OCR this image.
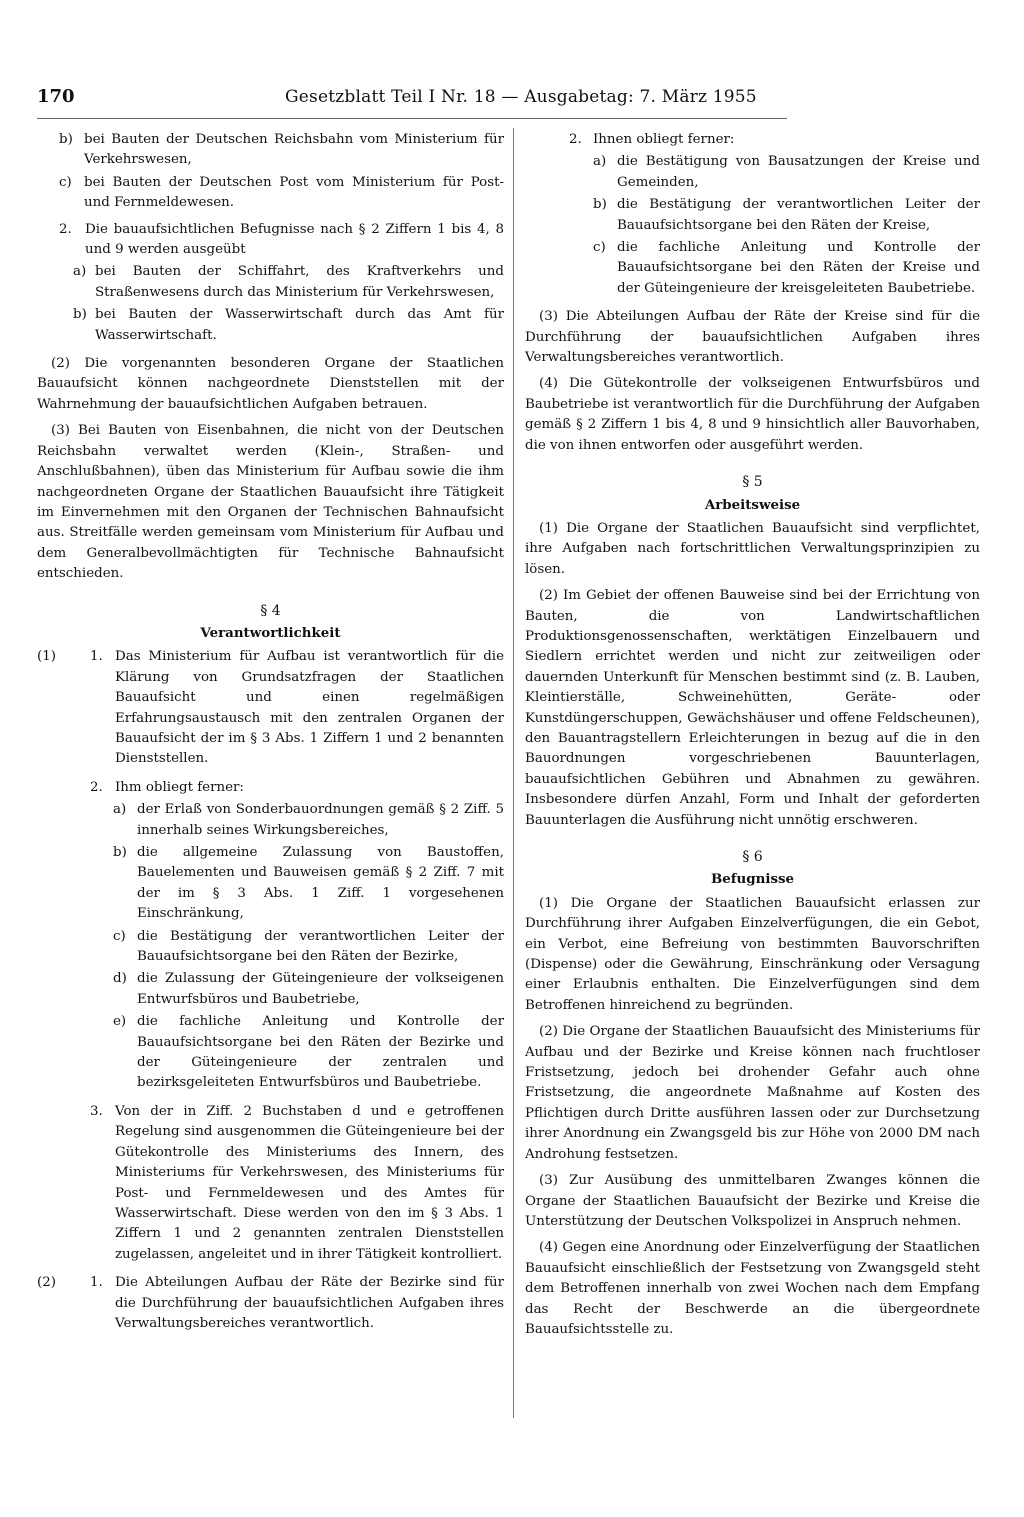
170	Gesetzblatt Teil I Nr. 18 — Ausgabetag: 7. März 1955
b) bei Bauten der Deutschen Reichsbahn vom Ministerium für Verkehrswesen,

c) bei Bauten der Deutschen Post vom Ministerium für Post- und Fernmeldewesen.

2. Die bauaufsichtlichen Befugnisse nach § 2 Ziffern 1 bis 4, 8 und 9 werden ausgeübt

a) bei Bauten der Schiffahrt, des Kraftverkehrs und Straßenwesens durch das Ministerium für Verkehrswesen,

b) bei Bauten der Wasserwirtschaft durch das Amt für Wasserwirtschaft.

(2) Die vorgenannten besonderen Organe der Staatlichen Bauaufsicht können nachgeordnete Dienststellen mit der Wahrnehmung der bauaufsichtlichen Aufgaben betrauen.

(3) Bei Bauten von Eisenbahnen, die nicht von der Deutschen Reichsbahn verwaltet werden (Klein-, Straßen- und Anschlußbahnen), üben das Ministerium für Aufbau sowie die ihm nachgeordneten Organe der Staatlichen Bauaufsicht ihre Tätigkeit im Einvernehmen mit den Organen der Technischen Bahnaufsicht aus. Streitfälle werden gemeinsam vom Ministerium für Aufbau und dem Generalbevollmächtigten für Technische Bahnaufsicht entschieden.

§ 4
Verantwortlichkeit
(1)	1. Das Ministerium für Aufbau ist verantwortlich für die Klärung von Grundsatzfragen der Staatlichen Bauaufsicht und einen regelmäßigen Erfahrungsaustausch mit den zentralen Organen der Bauaufsicht der im § 3 Abs. 1 Ziffern 1 und 2 benannten Dienststellen.

2. Ihm obliegt ferner:

a) der Erlaß von Sonderbauordnungen gemäß § 2 Ziff. 5 innerhalb seines Wirkungsbereiches,

b) die allgemeine Zulassung von Baustoffen, Bauelementen und Bauweisen gemäß § 2 Ziff. 7 mit der im § 3 Abs. 1 Ziff. 1 vorgesehenen Einschränkung,

c) die Bestätigung der verantwortlichen Leiter der Bauaufsichtsorgane bei den Räten der Bezirke,

d) die Zulassung der Güteingenieure der volkseigenen Entwurfsbüros und Baubetriebe,

e) die fachliche Anleitung und Kontrolle der Bauaufsichtsorgane bei den Räten der Bezirke und der Güteingenieure der zentralen und bezirksgeleiteten Entwurfsbüros und Baubetriebe.

3. Von der in Ziff. 2 Buchstaben d und e getroffenen Regelung sind ausgenommen die Güteingenieure bei der Gütekontrolle des Ministeriums des Innern, des Ministeriums für Verkehrswesen, des Ministeriums für Post- und Fernmeldewesen und des Amtes für Wasserwirtschaft. Diese werden von den im § 3 Abs. 1 Ziffern 1 und 2 genannten zentralen Dienststellen zugelassen, angeleitet und in ihrer Tätigkeit kontrolliert.

(2)	1. Die Abteilungen Aufbau der Räte der Bezirke sind für die Durchführung der bauaufsichtlichen Aufgaben ihres Verwaltungsbereiches verantwortlich.

2. Ihnen obliegt ferner:

a) die Bestätigung von Bausatzungen der Kreise und Gemeinden,

b) die Bestätigung der verantwortlichen Leiter der Bauaufsichtsorgane bei den Räten der Kreise,

c) die fachliche Anleitung und Kontrolle der Bauaufsichtsorgane bei den Räten der Kreise und der Güteingenieure der kreisgeleiteten Baubetriebe.

(3) Die Abteilungen Aufbau der Räte der Kreise sind für die Durchführung der bauaufsichtlichen Aufgaben ihres Verwaltungsbereiches verantwortlich.

(4) Die Gütekontrolle der volkseigenen Entwurfsbüros und Baubetriebe ist verantwortlich für die Durchführung der Aufgaben gemäß § 2 Ziffern 1 bis 4, 8 und 9 hinsichtlich aller Bauvorhaben, die von ihnen entworfen oder ausgeführt werden.

§ 5
Arbeitsweise

(1) Die Organe der Staatlichen Bauaufsicht sind verpflichtet, ihre Aufgaben nach fortschrittlichen Verwaltungsprinzipien zu lösen.

(2) Im Gebiet der offenen Bauweise sind bei der Errichtung von Bauten, die von Landwirtschaftlichen Produktionsgenossenschaften, werktätigen Einzelbauern und Siedlern errichtet werden und nicht zur zeitweiligen oder dauernden Unterkunft für Menschen bestimmt sind (z. B. Lauben, Kleintierställe, Schweinehütten, Geräte- oder Kunstdüngerschuppen, Gewächshäuser und offene Feldscheunen), den Bauantragstellern Erleichterungen in bezug auf die in den Bauordnungen vorgeschriebenen Bauunterlagen, bauaufsichtlichen Gebühren und Abnahmen zu gewähren. Insbesondere dürfen Anzahl, Form und Inhalt der geforderten Bauunterlagen die Ausführung nicht unnötig erschweren.

§ 6
Befugnisse

(1) Die Organe der Staatlichen Bauaufsicht erlassen zur Durchführung ihrer Aufgaben Einzelverfügungen, die ein Gebot, ein Verbot, eine Befreiung von bestimmten Bauvorschriften (Dispense) oder die Gewährung, Einschränkung oder Versagung einer Erlaubnis enthalten. Die Einzelverfügungen sind dem Betroffenen hinreichend zu begründen.

(2) Die Organe der Staatlichen Bauaufsicht des Ministeriums für Aufbau und der Bezirke und Kreise können nach fruchtloser Fristsetzung, jedoch bei drohender Gefahr auch ohne Fristsetzung, die angeordnete Maßnahme auf Kosten des Pflichtigen durch Dritte ausführen lassen oder zur Durchsetzung ihrer Anordnung ein Zwangsgeld bis zur Höhe von 2000 DM nach Androhung festsetzen.

(3) Zur Ausübung des unmittelbaren Zwanges können die Organe der Staatlichen Bauaufsicht der Bezirke und Kreise die Unterstützung der Deutschen Volkspolizei in Anspruch nehmen.

(4) Gegen eine Anordnung oder Einzelverfügung der Staatlichen Bauaufsicht einschließlich der Festsetzung von Zwangsgeld steht dem Betroffenen innerhalb von zwei Wochen nach dem Empfang das Recht der Beschwerde an die übergeordnete Bauaufsichtsstelle zu.
